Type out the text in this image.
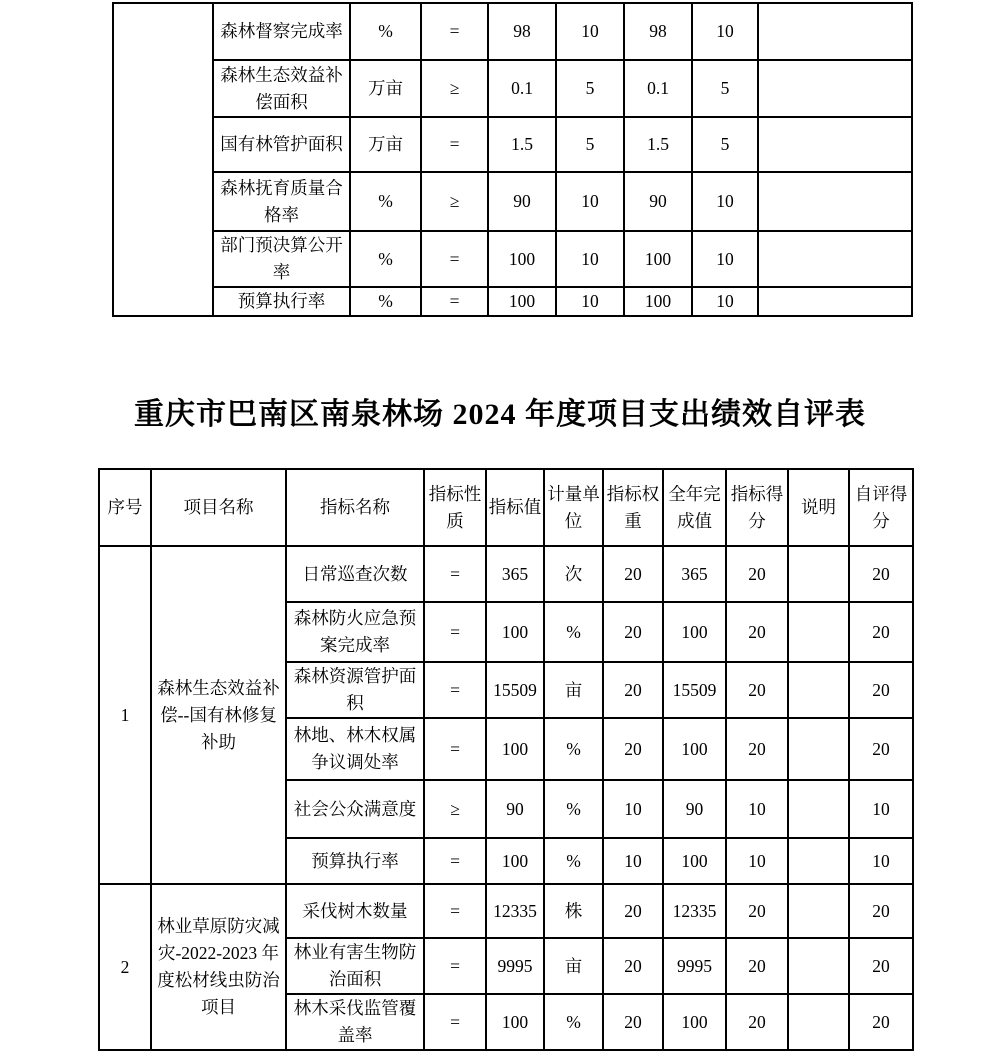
	森林督察完成率	%	=	98	10	98	10	
	森林生态效益补偿面积	万亩	≥	0.1	5	0.1	5	
	国有林管护面积	万亩	=	1.5	5	1.5	5	
	森林抚育质量合格率	%	≥	90	10	90	10	
	部门预决算公开率	%	=	100	10	100	10	
	预算执行率	%	=	100	10	100	10	
重庆市巴南区南泉林场 2024 年度项目支出绩效自评表
序号	项目名称	指标名称	指标性质	指标值	计量单位	指标权重	全年完成值	指标得分	说明	自评得分
1	森林生态效益补偿--国有林修复补助	日常巡查次数	=	365	次	20	365	20		20
		森林防火应急预案完成率	=	100	%	20	100	20		20
		森林资源管护面积	=	15509	亩	20	15509	20		20
		林地、林木权属争议调处率	=	100	%	20	100	20		20
		社会公众满意度	≥	90	%	10	90	10		10
		预算执行率	=	100	%	10	100	10		10
2	林业草原防灾减灾-2022-2023 年度松材线虫防治项目	采伐树木数量	=	12335	株	20	12335	20		20
		林业有害生物防治面积	=	9995	亩	20	9995	20		20
		林木采伐监管覆盖率	=	100	%	20	100	20		20
